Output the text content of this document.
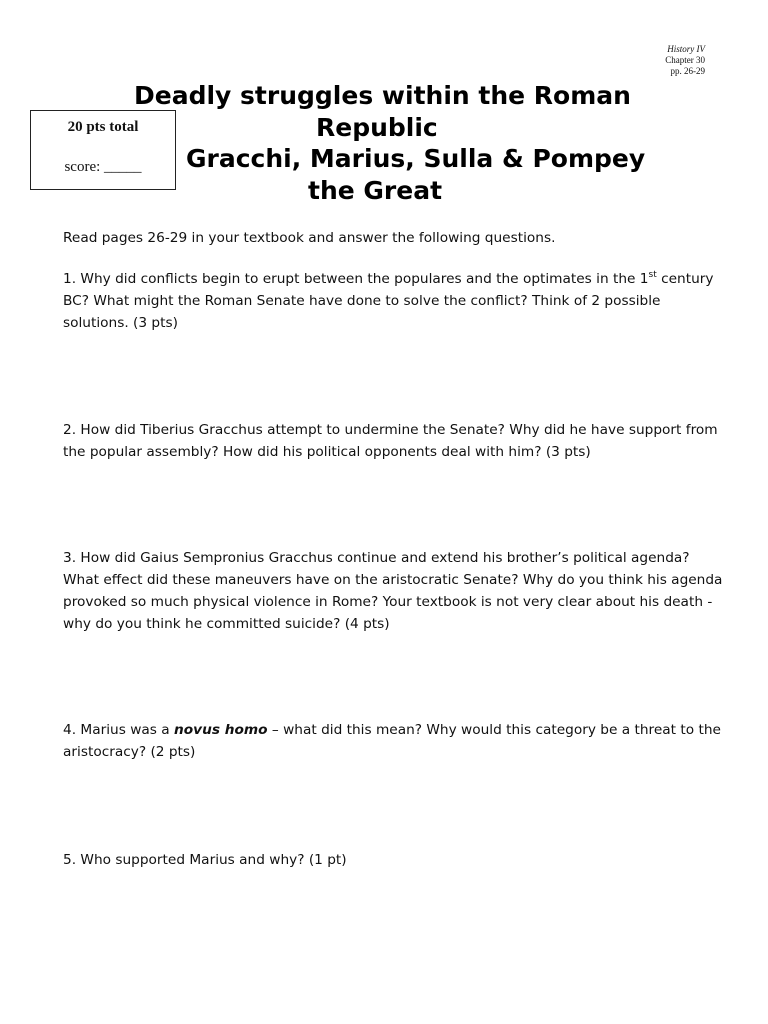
History IV
Chapter 30
pp. 26-29
20 pts total
score: _____
Deadly struggles within the Roman
Republic
Gracchi, Marius, Sulla & Pompey
the Great
Read pages 26-29 in your textbook and answer the following questions.
1. Why did conflicts begin to erupt between the populares and the optimates in the 1st century BC? What might the Roman Senate have done to solve the conflict? Think of 2 possible solutions. (3 pts)
2. How did Tiberius Gracchus attempt to undermine the Senate? Why did he have support from the popular assembly? How did his political opponents deal with him? (3 pts)
3. How did Gaius Sempronius Gracchus continue and extend his brother’s political agenda? What effect did these maneuvers have on the aristocratic Senate? Why do you think his agenda provoked so much physical violence in Rome? Your textbook is not very clear about his death - why do you think he committed suicide? (4 pts)
4. Marius was a novus homo – what did this mean? Why would this category be a threat to the aristocracy? (2 pts)
5. Who supported Marius and why? (1 pt)
